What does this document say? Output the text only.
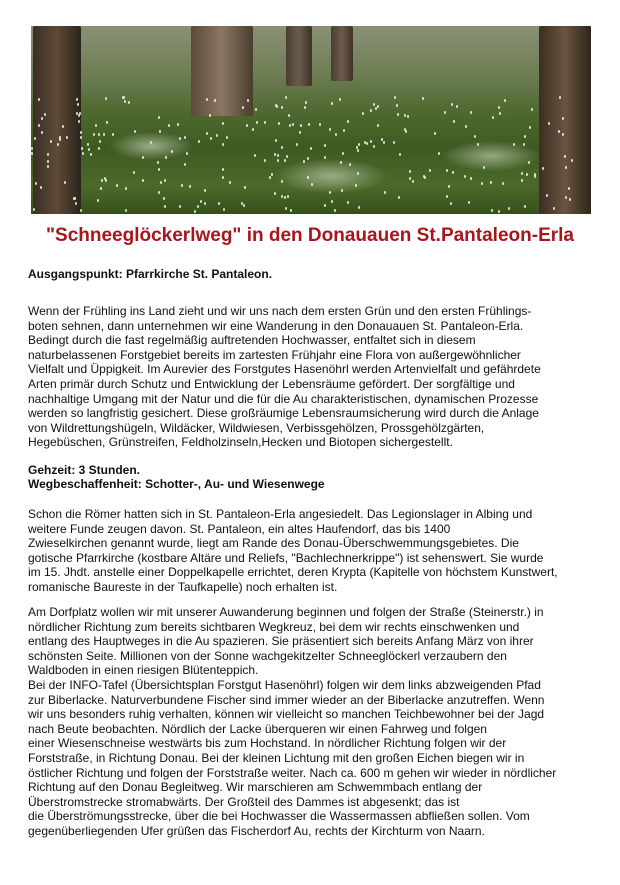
"Schneeglöckerlweg" in den Donauauen St.Pantaleon-Erla

Ausgangspunkt: Pfarrkirche St. Pantaleon.

Wenn der Frühling ins Land zieht und wir uns nach dem ersten Grün und den ersten Frühlings-
boten sehnen, dann unternehmen wir eine Wanderung in den Donauauen St. Pantaleon-Erla.
Bedingt durch die fast regelmäßig auftretenden Hochwasser, entfaltet sich in diesem
naturbelassenen Forstgebiet bereits im zartesten Frühjahr eine Flora von außergewöhnlicher
Vielfalt und Üppigkeit. Im Aurevier des Forstgutes Hasenöhrl werden Artenvielfalt und gefährdete
Arten primär durch Schutz und Entwicklung der Lebensräume gefördert. Der sorgfältige und
nachhaltige Umgang mit der Natur und die für die Au charakteristischen, dynamischen Prozesse
werden so langfristig gesichert. Diese großräumige Lebensraumsicherung wird durch die Anlage
von Wildrettungshügeln, Wildäcker, Wildwiesen, Verbissgehölzen, Prossgehölzgärten,
Hegebüschen, Grünstreifen, Feldholzinseln,Hecken und Biotopen sichergestellt.

Gehzeit: 3 Stunden.

Wegbeschaffenheit: Schotter-, Au- und Wiesenwege

Schon die Römer hatten sich in St. Pantaleon-Erla angesiedelt. Das Legionslager in Albing und
weitere Funde zeugen davon. St. Pantaleon, ein altes Haufendorf, das bis 1400
Zwieselkirchen genannt wurde, liegt am Rande des Donau-Überschwemmungsgebietes. Die
gotische Pfarrkirche (kostbare Altäre und Reliefs, "Bachlechnerkrippe") ist sehenswert. Sie wurde
im 15. Jhdt. anstelle einer Doppelkapelle errichtet, deren Krypta (Kapitelle von höchstem Kunstwert,
romanische Baureste in der Taufkapelle) noch erhalten ist.
Am Dorfplatz wollen wir mit unserer Auwanderung beginnen und folgen der Straße (Steinerstr.) in
nördlicher Richtung zum bereits sichtbaren Wegkreuz, bei dem wir rechts einschwenken und
entlang des Hauptweges in die Au spazieren. Sie präsentiert sich bereits Anfang März von ihrer
schönsten Seite. Millionen von der Sonne wachgekitzelter Schneeglöckerl verzaubern den
Waldboden in einen riesigen Blütenteppich.
Bei der INFO-Tafel (Übersichtsplan Forstgut Hasenöhrl) folgen wir dem links abzweigenden Pfad
zur Biberlacke. Naturverbundene Fischer sind immer wieder an der Biberlacke anzutreffen. Wenn
wir uns besonders ruhig verhalten, können wir vielleicht so manchen Teichbewohner bei der Jagd
nach Beute beobachten. Nördlich der Lacke überqueren wir einen Fahrweg und folgen
einer Wiesenschneise westwärts bis zum Hochstand. In nördlicher Richtung folgen wir der
Forststraße, in Richtung Donau. Bei der kleinen Lichtung mit den großen Eichen biegen wir in
östlicher Richtung und folgen der Forststraße weiter. Nach ca. 600 m gehen wir wieder in nördlicher
Richtung auf den Donau Begleitweg. Wir marschieren am Schwemmbach entlang der
Überstromstrecke stromabwärts. Der Großteil des Dammes ist abgesenkt; das ist
die Überströmungsstrecke, über die bei Hochwasser die Wassermassen abfließen sollen. Vom
gegenüberliegenden Ufer grüßen das Fischerdorf Au, rechts der Kirchturm von Naarn.
